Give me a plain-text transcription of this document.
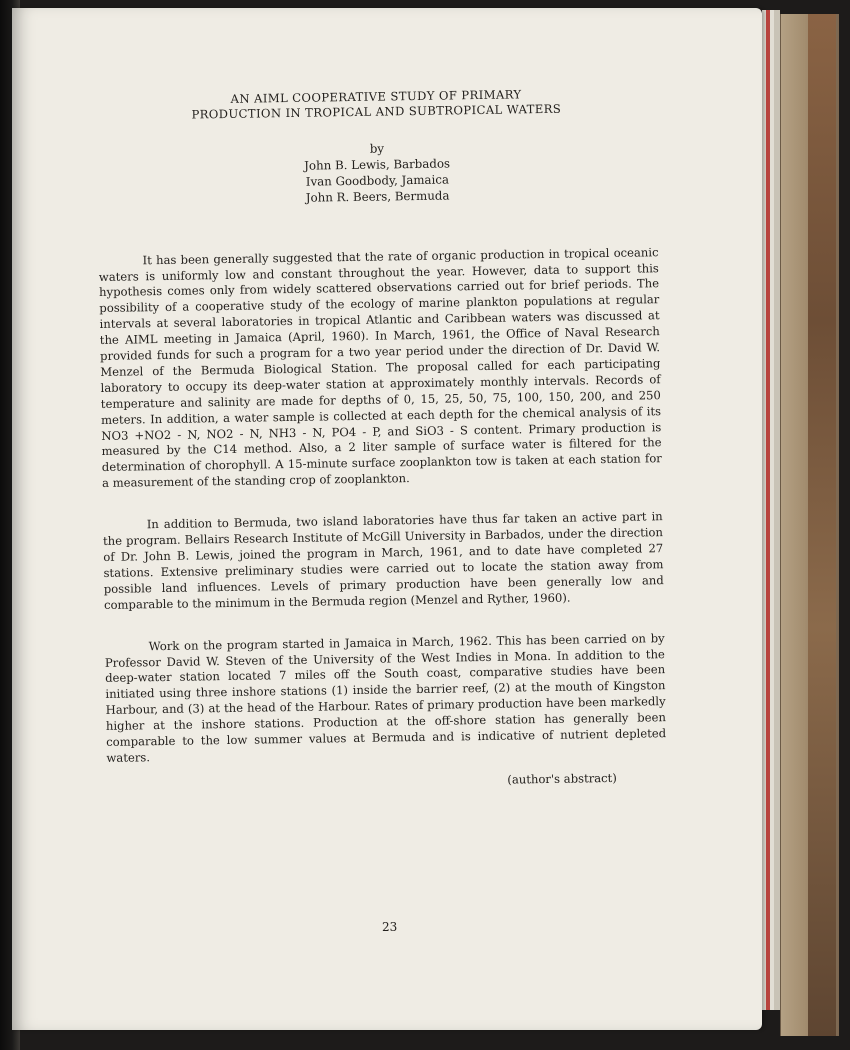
AN AIML COOPERATIVE STUDY OF PRIMARY
PRODUCTION IN TROPICAL AND SUBTROPICAL WATERS
by
John B. Lewis, Barbados
Ivan Goodbody, Jamaica
John R. Beers, Bermuda

It has been generally suggested that the rate of organic production in tropical oceanic waters is uniformly low and constant throughout the year. However, data to support this hypothesis comes only from widely scattered observations carried out for brief periods. The possibility of a cooperative study of the ecology of marine plankton populations at regular intervals at several laboratories in tropical Atlantic and Caribbean waters was discussed at the AIML meeting in Jamaica (April, 1960). In March, 1961, the Office of Naval Research provided funds for such a program for a two year period under the direction of Dr. David W. Menzel of the Bermuda Biological Station. The proposal called for each participating laboratory to occupy its deep-water station at approximately monthly intervals. Records of temperature and salinity are made for depths of 0, 15, 25, 50, 75, 100, 150, 200, and 250 meters. In addition, a water sample is collected at each depth for the chemical analysis of its NO3 +NO2 - N, NO2 - N, NH3 - N, PO4 - P, and SiO3 - S content. Primary production is measured by the C14 method. Also, a 2 liter sample of surface water is filtered for the determination of chorophyll. A 15-minute surface zooplankton tow is taken at each station for a measurement of the standing crop of zooplankton.

In addition to Bermuda, two island laboratories have thus far taken an active part in the program. Bellairs Research Institute of McGill University in Barbados, under the direction of Dr. John B. Lewis, joined the program in March, 1961, and to date have completed 27 stations. Extensive preliminary studies were carried out to locate the station away from possible land influences. Levels of primary production have been generally low and comparable to the minimum in the Bermuda region (Menzel and Ryther, 1960).

Work on the program started in Jamaica in March, 1962. This has been carried on by Professor David W. Steven of the University of the West Indies in Mona. In addition to the deep-water station located 7 miles off the South coast, comparative studies have been initiated using three inshore stations (1) inside the barrier reef, (2) at the mouth of Kingston Harbour, and (3) at the head of the Harbour. Rates of primary production have been markedly higher at the inshore stations. Production at the off-shore station has generally been comparable to the low summer values at Bermuda and is indicative of nutrient depleted waters.

(author's abstract)
23
